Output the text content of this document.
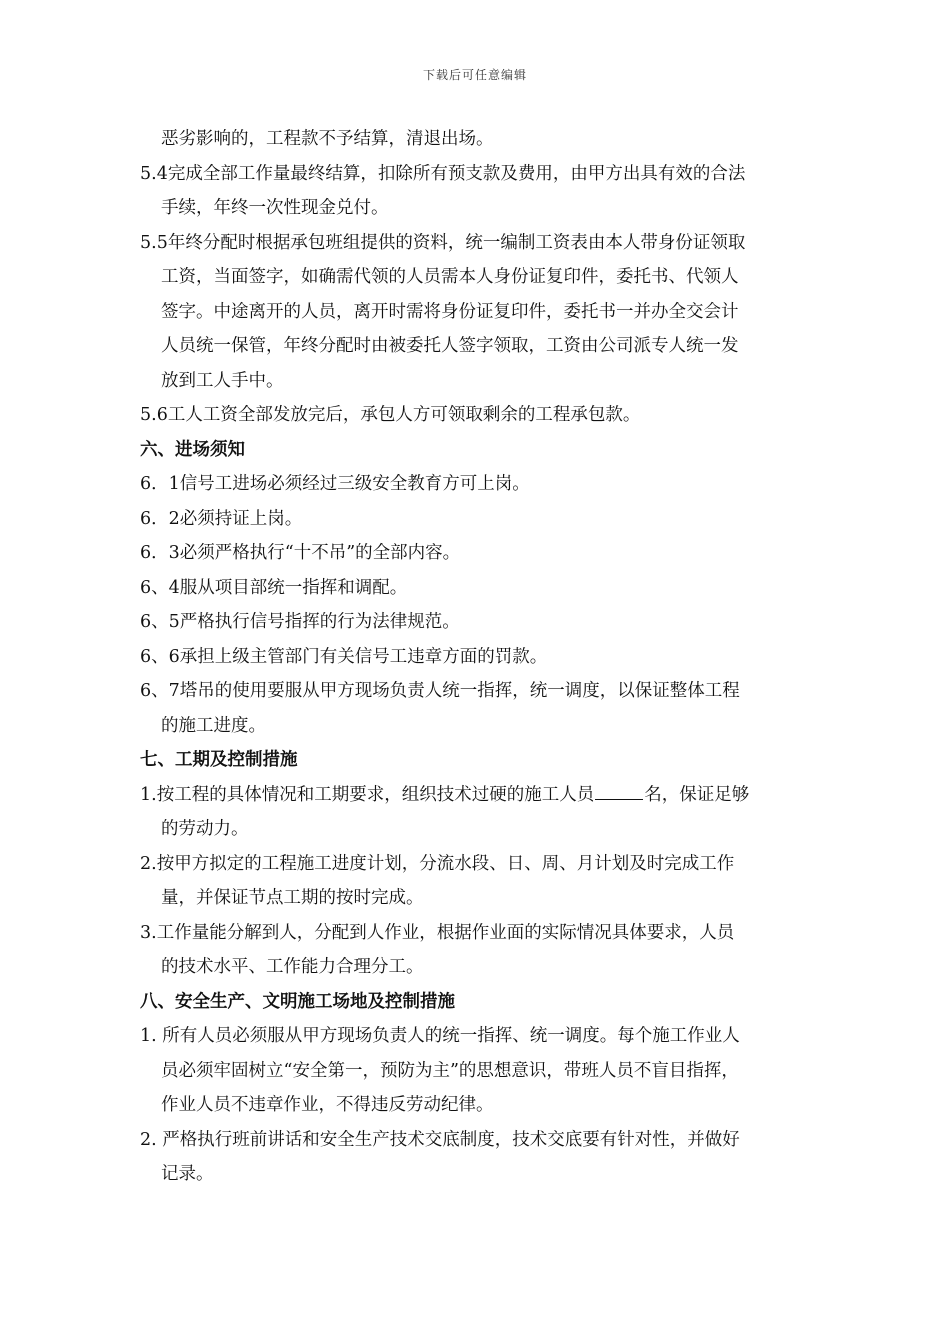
下载后可任意编辑
恶劣影响的，工程款不予结算，清退出场。
5.4完成全部工作量最终结算，扣除所有预支款及费用，由甲方出具有效的合法
手续，年终一次性现金兑付。
5.5年终分配时根据承包班组提供的资料，统一编制工资表由本人带身份证领取
工资，当面签字，如确需代领的人员需本人身份证复印件，委托书、代领人
签字。中途离开的人员，离开时需将身份证复印件，委托书一并办全交会计
人员统一保管，年终分配时由被委托人签字领取，工资由公司派专人统一发
放到工人手中。
5.6工人工资全部发放完后，承包人方可领取剩余的工程承包款。
六、进场须知
6．1信号工进场必须经过三级安全教育方可上岗。
6．2必须持证上岗。
6．3必须严格执行“十不吊”的全部内容。
6、4服从项目部统一指挥和调配。
6、5严格执行信号指挥的行为法律规范。
6、6承担上级主管部门有关信号工违章方面的罚款。
6、7塔吊的使用要服从甲方现场负责人统一指挥，统一调度，以保证整体工程
的施工进度。
七、工期及控制措施
1.按工程的具体情况和工期要求，组织技术过硬的施工人员	名，保证足够
的劳动力。
2.按甲方拟定的工程施工进度计划，分流水段、日、周、月计划及时完成工作
量，并保证节点工期的按时完成。
3.工作量能分解到人，分配到人作业，根据作业面的实际情况具体要求，人员
的技术水平、工作能力合理分工。
八、安全生产、文明施工场地及控制措施
1. 所有人员必须服从甲方现场负责人的统一指挥、统一调度。每个施工作业人
员必须牢固树立“安全第一，预防为主”的思想意识，带班人员不盲目指挥，
作业人员不违章作业，不得违反劳动纪律。
2. 严格执行班前讲话和安全生产技术交底制度，技术交底要有针对性，并做好
记录。
